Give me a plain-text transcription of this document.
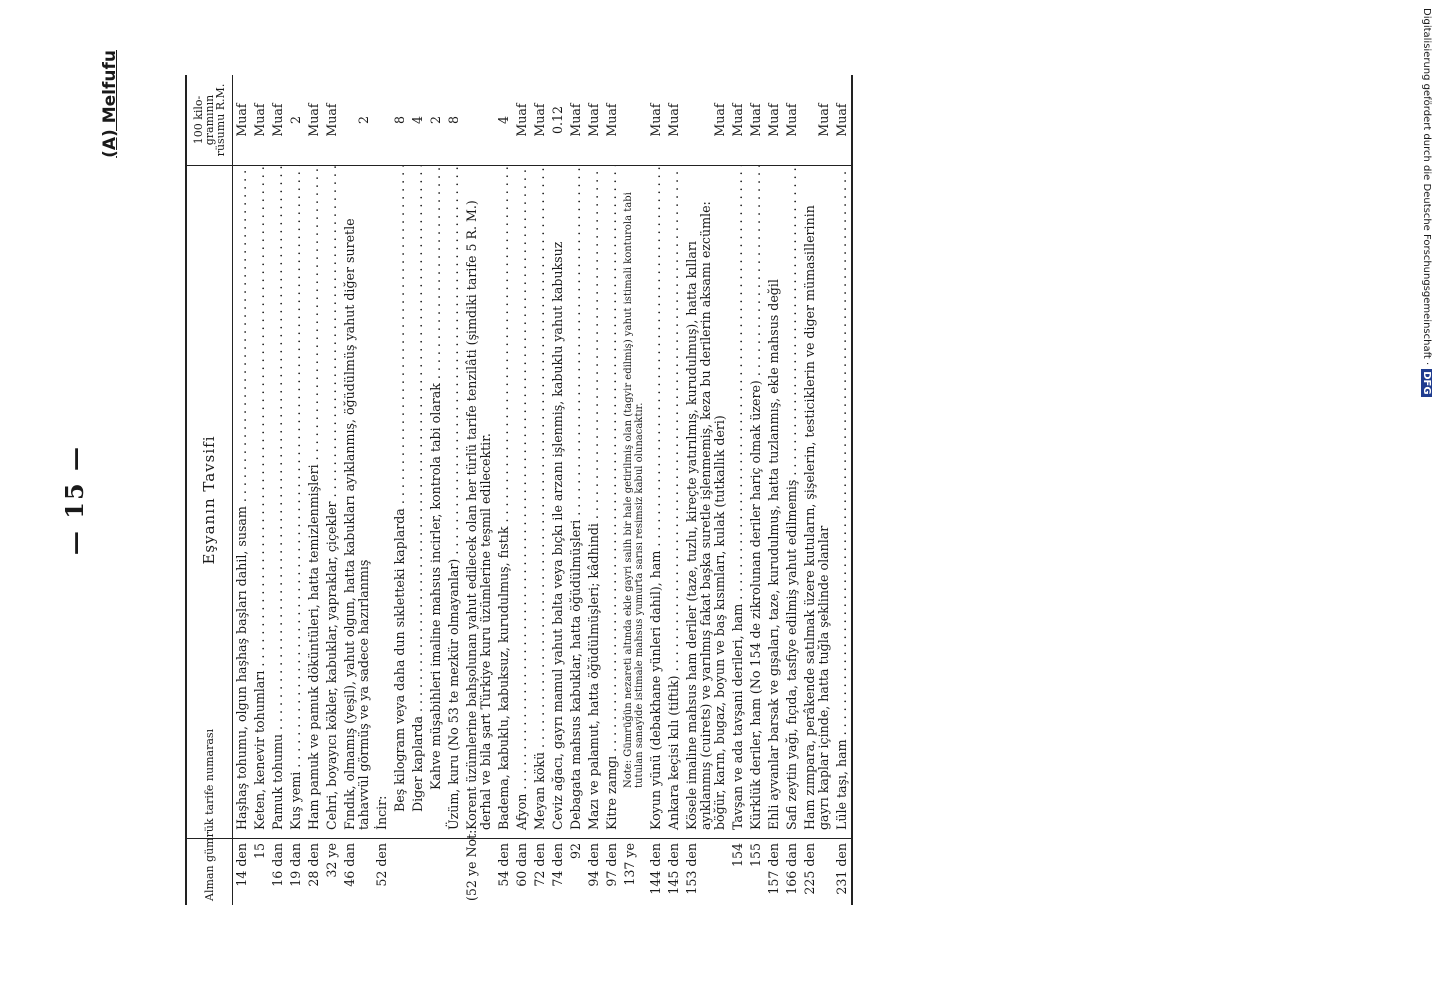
— 15 —
(A) Melfufu
Alman gümrük tarife numarası	Eşyanın Tavsifi	100 kilo-gramının rüsumu R.M.
14 den	Haşhaş tohumu, olgun haşhaş başları dahil, susam . . .	Muaf
15	Keten, kenevir tohumları . . .	Muaf
16 dan	Pamuk tohumu . . .	Muaf
19 dan	Kuş yemi . . .	2
28 den	Ham pamuk ve pamuk döküntüleri, hatta temizlenmişleri . . .	Muaf
32 ye	Cehri, boyayıcı kökler, kabuklar, yapraklar, çiçekler . . .	Muaf
46 dan	Fındık, olmamış (yeşil), yahut olgun, hatta kabukları ayıklanmış, öğüdülmüş yahut diğer suretle tahavvül görmüş ve ya sadece hazırlanmış	2
52 den	İncir:	
	Beş kilogram veya daha dun sıkletteki kaplarda . . .	8
	Diger kaplarda . . .	4
	Kahve müşabihleri imaline mahsus incirler, kontrola tabi olarak . . .	2
	Üzüm, kuru (No 53 te mezkür olmayanlar) . . .	8
(52 ye Not:	Korent üzümlerine bahşolunan yahut edilecek olan her türlü tarife tenzilâti (şimdiki tarife 5 R. M.) derhal ve bila şart Türkiye kuru üzümlerine teşmil edilecektir.	
54 den	Badema, kabuklu, kabuksuz, kurudulmuş, fıstık . . .	4
60 dan	Afyon . . .	Muaf
72 den	Meyan kökü . . .	Muaf
74 den	Ceviz ağacı, gayrı mamul yahut balta veya bıçkı ile arzanı işlenmiş, kabuklu yahut kabuksuz	0.12
92	Debagata mahsus kabuklar, hatta öğüdülmüşleri . . .	Muaf
94 den	Mazı ve palamut, hatta öğüdülmüşleri; kâdhindi . . .	Muaf
97 den	Kitre zamgı . . .	Muaf
137 ye	Note: Gümrüğün nezareti altında ekle gayri salih bir hale getirilmiş olan (tagyir edilmiş) yahut istimali konturola tabi tutulan sanayide istimale mahsus yumurta sarısı resimsiz kabul olunacaktır.	
144 den	Koyun yünü (debakhane yünleri dahil), ham . . .	Muaf
145 den	Ankara keçisi kılı (tiftik) . . .	Muaf
153 den	Kösele imaline mahsus ham deriler (taze, tuzlu, kireçte yatırılmış, kurudulmuş), hatta kılları ayıklanmış (cuirets) ve yarılmış fakat başka suretle işlenmemiş, keza bu derilerin aksamı ezcümle: böğür, karın, bugaz, boyun ve baş kısımları, kulak (tutkallık deri)	Muaf
154	Tavşan ve ada tavşani derileri, ham . . .	Muaf
155	Kürklük deriler, ham (No 154 de zikrolunan deriler hariç olmak üzere) . . .	Muaf
157 den	Ehli ayvanlar barsak ve gışaları, taze, kurudulmuş, hatta tuzlanmış, ekle mahsus değil	Muaf
166 dan	Safi zeytin yağı, fıçıda, tasfiye edilmiş yahut edilmemiş . . .	Muaf
225 den	Ham zımpara, perâkende satılmak üzere kutuların, şişelerin, testiciklerin ve diger mümasillerinin gayrı kaplar içinde, hatta tuğla şeklinde olanlar	Muaf
231 den	Lüle taşı, ham . . .	Muaf	Digitalisierung gefördert durch die Deutsche Forschungsgemeinschaft ·DFG
